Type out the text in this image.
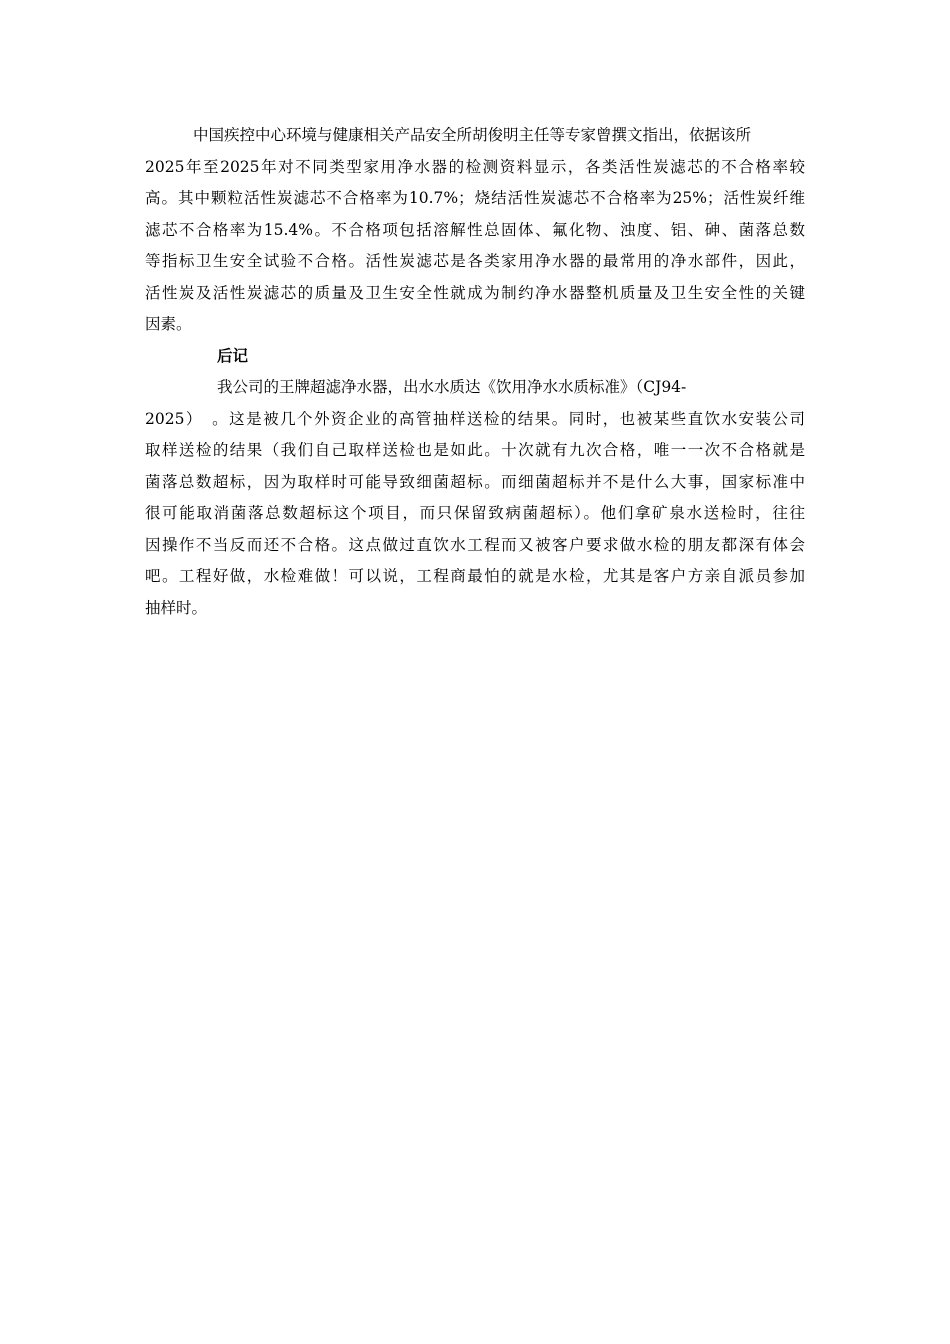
中国疾控中心环境与健康相关产品安全所胡俊明主任等专家曾撰文指出，依据该所
2025年至2025年对不同类型家用净水器的检测资料显示，各类活性炭滤芯的不合格率较
高。其中颗粒活性炭滤芯不合格率为10.7%；烧结活性炭滤芯不合格率为25%；活性炭纤维
滤芯不合格率为15.4%。不合格项包括溶解性总固体、氟化物、浊度、铝、砷、菌落总数
等指标卫生安全试验不合格。活性炭滤芯是各类家用净水器的最常用的净水部件，因此，
活性炭及活性炭滤芯的质量及卫生安全性就成为制约净水器整机质量及卫生安全性的关键
因素。
后记
我公司的王牌超滤净水器，出水水质达《饮用净水水质标准》（CJ94-
2025）　。这是被几个外资企业的高管抽样送检的结果。同时，也被某些直饮水安装公司
取样送检的结果（我们自己取样送检也是如此。十次就有九次合格，唯一一次不合格就是
菌落总数超标，因为取样时可能导致细菌超标。而细菌超标并不是什么大事，国家标准中
很可能取消菌落总数超标这个项目，而只保留致病菌超标）。他们拿矿泉水送检时，往往
因操作不当反而还不合格。这点做过直饮水工程而又被客户要求做水检的朋友都深有体会
吧。工程好做，水检难做！可以说，工程商最怕的就是水检，尤其是客户方亲自派员参加
抽样时。
